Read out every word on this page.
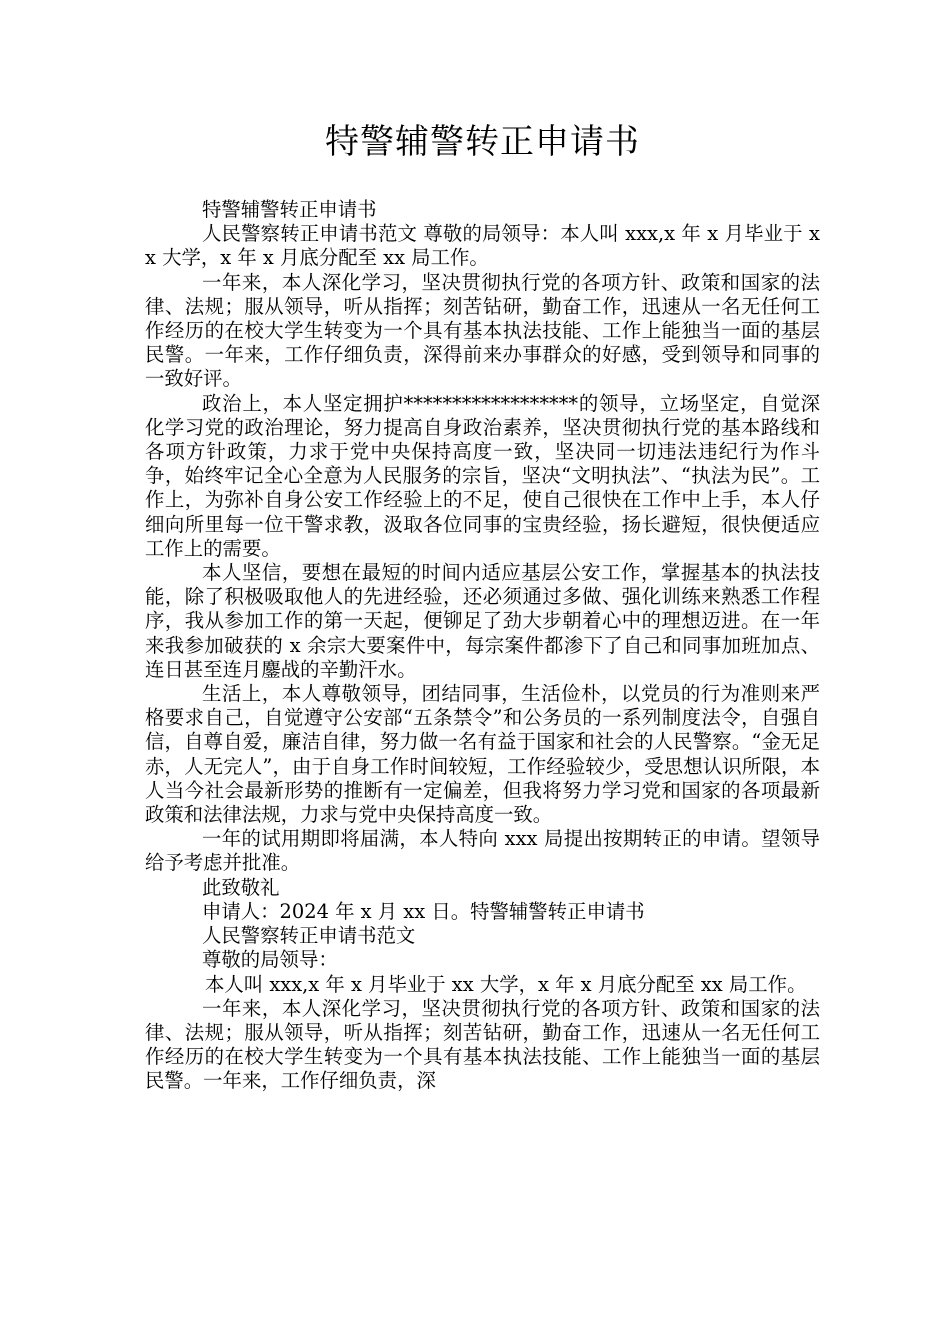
特警辅警转正申请书

特警辅警转正申请书

人民警察转正申请书范文 尊敬的局领导：本人叫 xxx,x 年 x 月毕业于 xx 大学，x 年 x 月底分配至 xx 局工作。

一年来，本人深化学习，坚决贯彻执行党的各项方针、政策和国家的法律、法规；服从领导，听从指挥；刻苦钻研，勤奋工作，迅速从一名无任何工作经历的在校大学生转变为一个具有基本执法技能、工作上能独当一面的基层民警。一年来，工作仔细负责，深得前来办事群众的好感，受到领导和同事的一致好评。

政治上，本人坚定拥护******************的领导，立场坚定，自觉深化学习党的政治理论，努力提高自身政治素养，坚决贯彻执行党的基本路线和各项方针政策，力求于党中央保持高度一致，坚决同一切违法违纪行为作斗争，始终牢记全心全意为人民服务的宗旨，坚决“文明执法”、“执法为民”。工作上，为弥补自身公安工作经验上的不足，使自己很快在工作中上手，本人仔细向所里每一位干警求教，汲取各位同事的宝贵经验，扬长避短，很快便适应工作上的需要。

本人坚信，要想在最短的时间内适应基层公安工作，掌握基本的执法技能，除了积极吸取他人的先进经验，还必须通过多做、强化训练来熟悉工作程序，我从参加工作的第一天起，便铆足了劲大步朝着心中的理想迈进。在一年来我参加破获的 x 余宗大要案件中，每宗案件都渗下了自己和同事加班加点、连日甚至连月鏖战的辛勤汗水。

生活上，本人尊敬领导，团结同事，生活俭朴，以党员的行为准则来严格要求自己，自觉遵守公安部“五条禁令”和公务员的一系列制度法令，自强自信，自尊自爱，廉洁自律，努力做一名有益于国家和社会的人民警察。“金无足赤，人无完人”，由于自身工作时间较短，工作经验较少，受思想认识所限，本人当今社会最新形势的推断有一定偏差，但我将努力学习党和国家的各项最新政策和法律法规，力求与党中央保持高度一致。

一年的试用期即将届满，本人特向 xxx 局提出按期转正的申请。望领导给予考虑并批准。

此致敬礼

申请人：2024 年 x 月 xx 日。特警辅警转正申请书

人民警察转正申请书范文

尊敬的局领导：

本人叫 xxx,x 年 x 月毕业于 xx 大学，x 年 x 月底分配至 xx 局工作。

一年来，本人深化学习，坚决贯彻执行党的各项方针、政策和国家的法律、法规；服从领导，听从指挥；刻苦钻研，勤奋工作，迅速从一名无任何工作经历的在校大学生转变为一个具有基本执法技能、工作上能独当一面的基层民警。一年来，工作仔细负责，深
